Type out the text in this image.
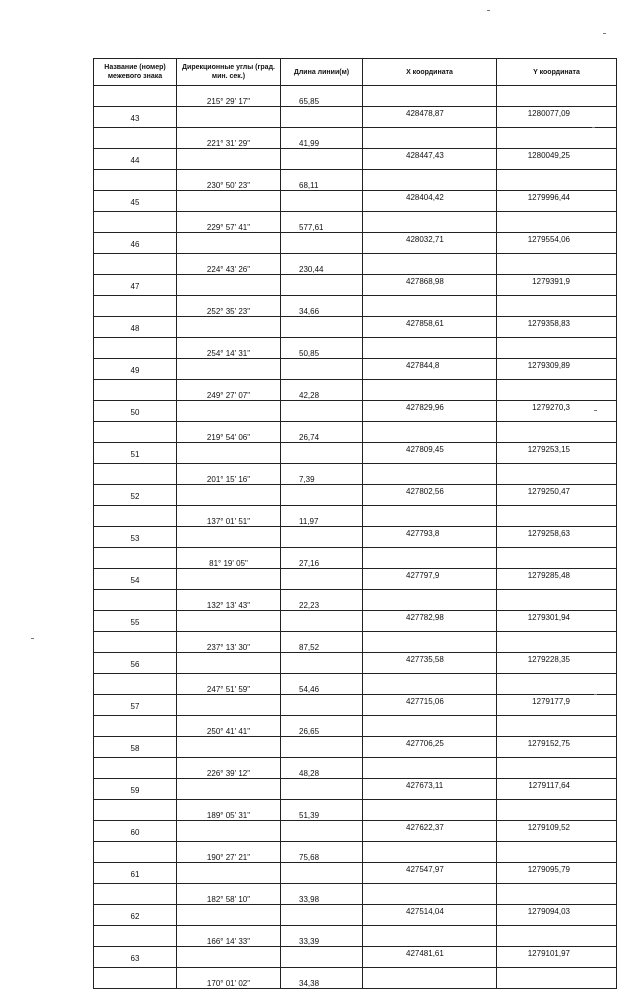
Название (номер) межевого знака	Дирекционные углы (град. мин. сек.)	Длина линии(м)	X координата	Y координата
	215° 29' 17"	65,85		
43			428478,87	1280077,09
	221° 31' 29"	41,99		
44			428447,43	1280049,25
	230° 50' 23"	68,11		
45			428404,42	1279996,44
	229° 57' 41"	577,61		
46			428032,71	1279554,06
	224° 43' 26"	230,44		
47			427868,98	1279391,9
	252° 35' 23"	34,66		
48			427858,61	1279358,83
	254° 14' 31"	50,85		
49			427844,8	1279309,89
	249° 27' 07"	42,28		
50			427829,96	1279270,3
	219° 54' 06"	26,74		
51			427809,45	1279253,15
	201° 15' 16"	7,39		
52			427802,56	1279250,47
	137° 01' 51"	11,97		
53			427793,8	1279258,63
	81° 19' 05"	27,16		
54			427797,9	1279285,48
	132° 13' 43"	22,23		
55			427782,98	1279301,94
	237° 13' 30"	87,52		
56			427735,58	1279228,35
	247° 51' 59"	54,46		
57			427715,06	1279177,9
	250° 41' 41"	26,65		
58			427706,25	1279152,75
	226° 39' 12"	48,28		
59			427673,11	1279117,64
	189° 05' 31"	51,39		
60			427622,37	1279109,52
	190° 27' 21"	75,68		
61			427547,97	1279095,79
	182° 58' 10"	33,98		
62			427514,04	1279094,03
	166° 14' 33"	33,39		
63			427481,61	1279101,97
	170° 01' 02"	34,38		
